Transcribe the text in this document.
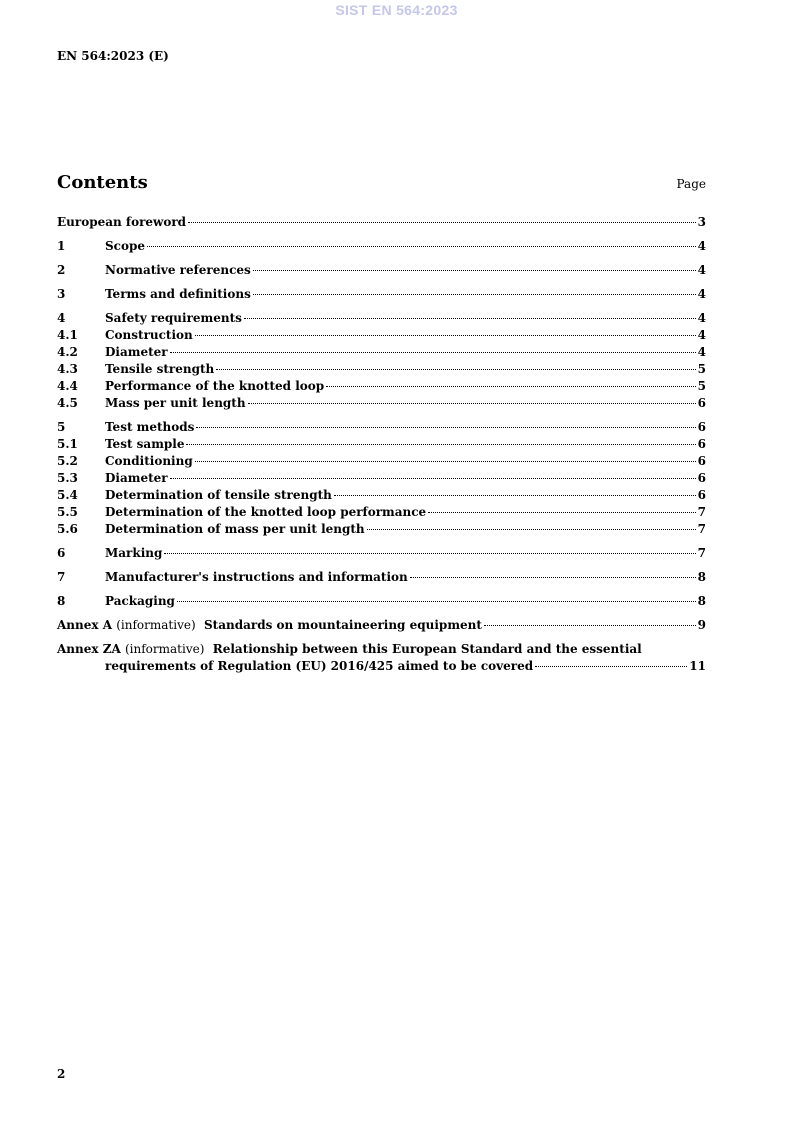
SIST EN 564:2023
EN 564:2023 (E)
Contents	Page
European foreword	3
1	Scope	4
2	Normative references	4
3	Terms and definitions	4
4	Safety requirements	4
4.1	Construction	4
4.2	Diameter	4
4.3	Tensile strength	5
4.4	Performance of the knotted loop	5
4.5	Mass per unit length	6
5	Test methods	6
5.1	Test sample	6
5.2	Conditioning	6
5.3	Diameter	6
5.4	Determination of tensile strength	6
5.5	Determination of the knotted loop performance	7
5.6	Determination of mass per unit length	7
6	Marking	7
7	Manufacturer's instructions and information	8
8	Packaging	8
Annex A (informative) Standards on mountaineering equipment	9
Annex ZA (informative) Relationship between this European Standard and the essential
requirements of Regulation (EU) 2016/425 aimed to be covered	11
2
